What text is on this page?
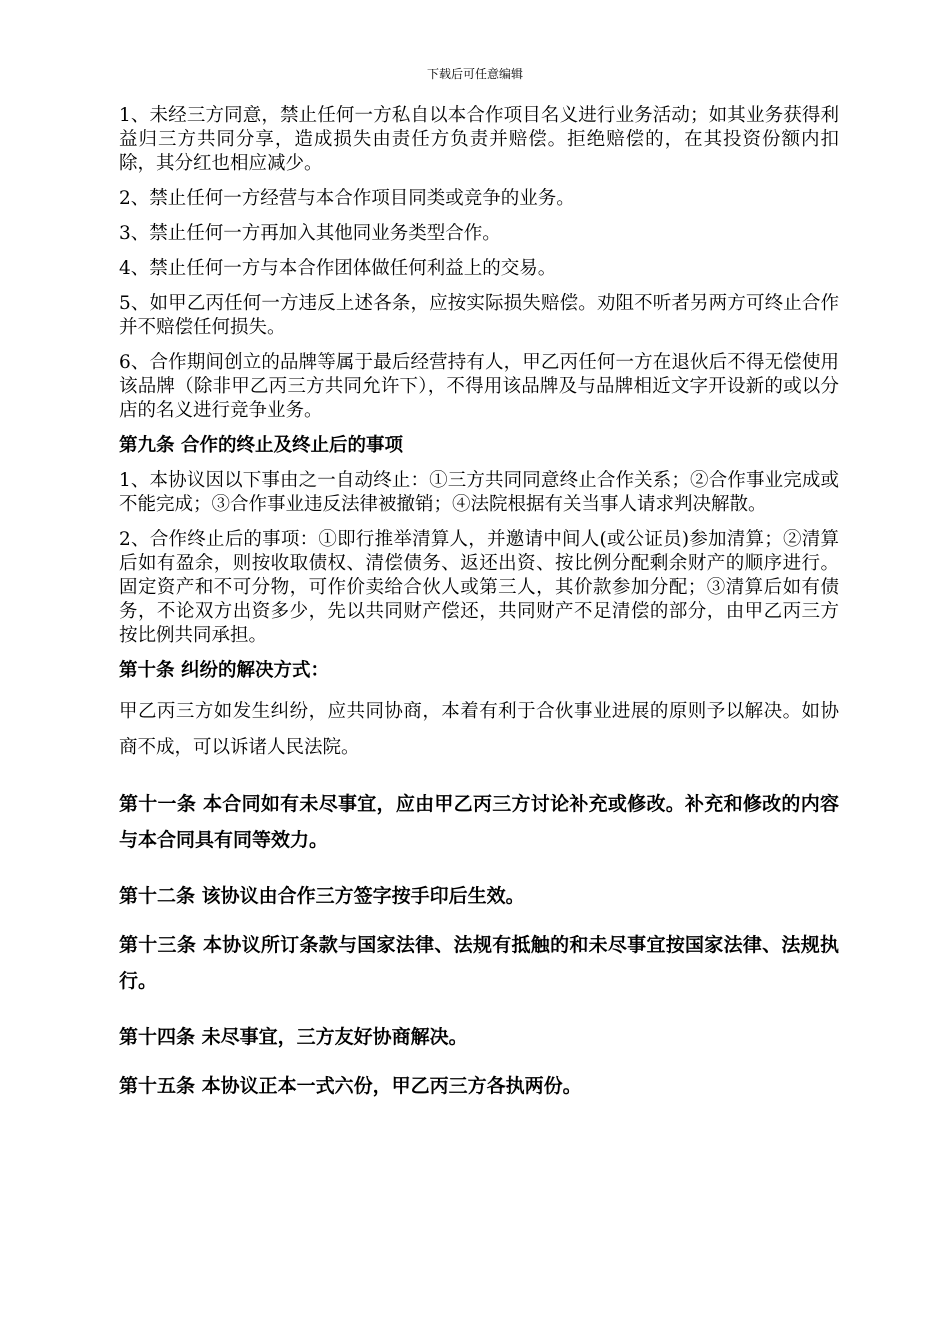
下载后可任意编辑

1、未经三方同意，禁止任何一方私自以本合作项目名义进行业务活动；如其业务获得利益归三方共同分享，造成损失由责任方负责并赔偿。拒绝赔偿的，在其投资份额内扣除，其分红也相应减少。

2、禁止任何一方经营与本合作项目同类或竞争的业务。

3、禁止任何一方再加入其他同业务类型合作。

4、禁止任何一方与本合作团体做任何利益上的交易。

5、如甲乙丙任何一方违反上述各条，应按实际损失赔偿。劝阻不听者另两方可终止合作并不赔偿任何损失。

6、合作期间创立的品牌等属于最后经营持有人，甲乙丙任何一方在退伙后不得无偿使用该品牌（除非甲乙丙三方共同允许下），不得用该品牌及与品牌相近文字开设新的或以分店的名义进行竞争业务。

第九条 合作的终止及终止后的事项

1、本协议因以下事由之一自动终止：①三方共同同意终止合作关系；②合作事业完成或不能完成；③合作事业违反法律被撤销；④法院根据有关当事人请求判决解散。

2、合作终止后的事项：①即行推举清算人，并邀请中间人(或公证员)参加清算；②清算后如有盈余，则按收取债权、清偿债务、返还出资、按比例分配剩余财产的顺序进行。固定资产和不可分物，可作价卖给合伙人或第三人，其价款参加分配；③清算后如有债务，不论双方出资多少，先以共同财产偿还，共同财产不足清偿的部分，由甲乙丙三方按比例共同承担。

第十条 纠纷的解决方式：

甲乙丙三方如发生纠纷，应共同协商，本着有利于合伙事业进展的原则予以解决。如协商不成，可以诉诸人民法院。

第十一条 本合同如有未尽事宜，应由甲乙丙三方讨论补充或修改。补充和修改的内容与本合同具有同等效力。

第十二条 该协议由合作三方签字按手印后生效。

第十三条 本协议所订条款与国家法律、法规有抵触的和未尽事宜按国家法律、法规执行。

第十四条 未尽事宜，三方友好协商解决。

第十五条 本协议正本一式六份，甲乙丙三方各执两份。
